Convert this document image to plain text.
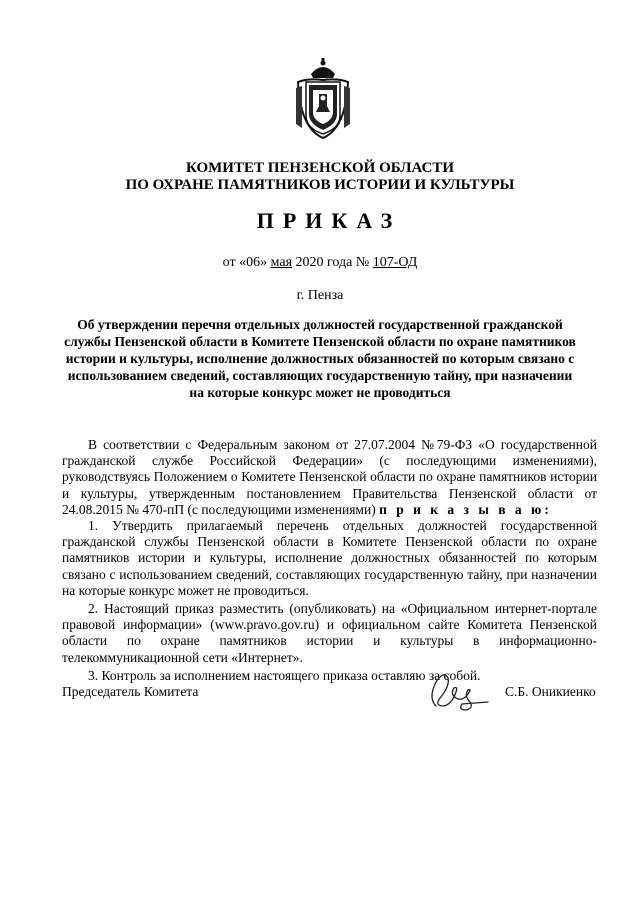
КОМИТЕТ ПЕНЗЕНСКОЙ ОБЛАСТИ
ПО ОХРАНЕ ПАМЯТНИКОВ ИСТОРИИ И КУЛЬТУРЫ
ПРИКАЗ
от «06» мая 2020 года № 107-ОД
г. Пенза
Об утверждении перечня отдельных должностей государственной гражданской службы Пензенской области в Комитете Пензенской области по охране памятников истории и культуры, исполнение должностных обязанностей по которым связано с использованием сведений, составляющих государственную тайну, при назначении на которые конкурс может не проводиться

В соответствии с Федеральным законом от 27.07.2004 №79-ФЗ «О государственной гражданской службе Российской Федерации» (с последующими изменениями), руководствуясь Положением о Комитете Пензенской области по охране памятников истории и культуры, утвержденным постановлением Правительства Пензенской области от 24.08.2015 № 470-пП (с последующими изменениями) п р и к а з ы в а ю:

1. Утвердить прилагаемый перечень отдельных должностей государственной гражданской службы Пензенской области в Комитете Пензенской области по охране памятников истории и культуры, исполнение должностных обязанностей по которым связано с использованием сведений, составляющих государственную тайну, при назначении на которые конкурс может не проводиться.

2. Настоящий приказ разместить (опубликовать) на «Официальном интернет-портале правовой информации» (www.pravo.gov.ru) и официальном сайте Комитета Пензенской области по охране памятников истории и культуры в информационно-телекоммуникационной сети «Интернет».

3. Контроль за исполнением настоящего приказа оставляю за собой.

Председатель Комитета	С.Б. Оникиенко
